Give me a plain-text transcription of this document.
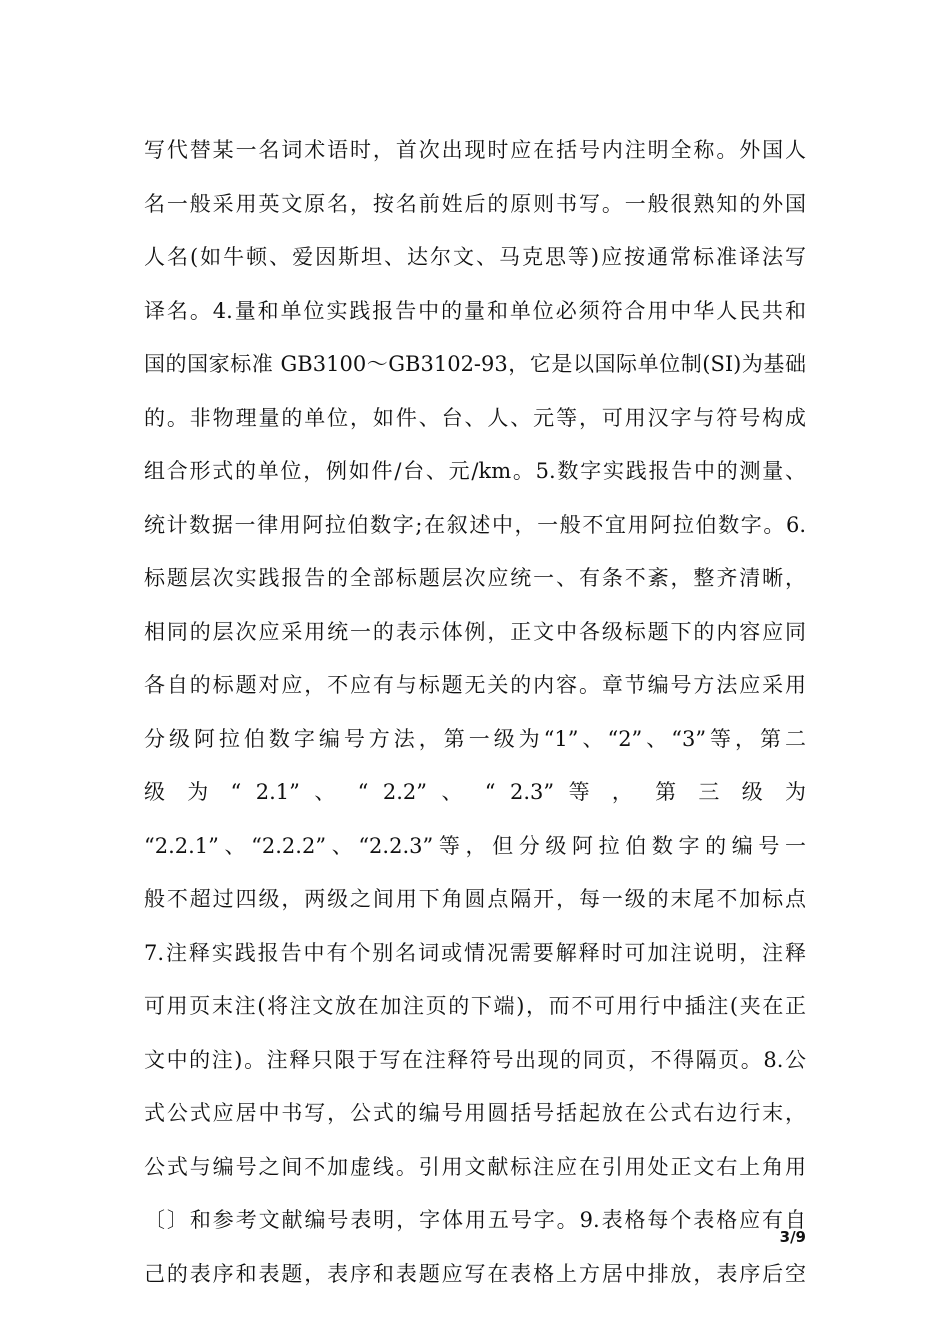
写代替某一名词术语时，首次出现时应在括号内注明全称。外国人
名一般采用英文原名，按名前姓后的原则书写。一般很熟知的外国
人名(如牛顿、爱因斯坦、达尔文、马克思等)应按通常标准译法写
译名。4.量和单位实践报告中的量和单位必须符合用中华人民共和
国的国家标准 GB3100～GB3102-93，它是以国际单位制(SI)为基础
的。非物理量的单位，如件、台、人、元等，可用汉字与符号构成
组合形式的单位，例如件/台、元/km。5.数字实践报告中的测量、
统计数据一律用阿拉伯数字;在叙述中，一般不宜用阿拉伯数字。6.
标题层次实践报告的全部标题层次应统一、有条不紊，整齐清晰，
相同的层次应采用统一的表示体例，正文中各级标题下的内容应同
各自的标题对应，不应有与标题无关的内容。章节编号方法应采用
分级阿拉伯数字编号方法，第一级为“1”、“2”、“3”等，第二
级 为 “ 2.1” 、 “ 2.2” 、 “ 2.3” 等 ， 第 三 级 为
“2.2.1”、“2.2.2”、“2.2.3”等，但分级阿拉伯数字的编号一
般不超过四级，两级之间用下角圆点隔开，每一级的末尾不加标点
7.注释实践报告中有个别名词或情况需要解释时可加注说明，注释
可用页末注(将注文放在加注页的下端)，而不可用行中插注(夹在正
文中的注)。注释只限于写在注释符号出现的同页，不得隔页。8.公
式公式应居中书写，公式的编号用圆括号括起放在公式右边行末，
公式与编号之间不加虚线。引用文献标注应在引用处正文右上角用
〔〕和参考文献编号表明，字体用五号字。9.表格每个表格应有自
己的表序和表题，表序和表题应写在表格上方居中排放，表序后空
3/9
